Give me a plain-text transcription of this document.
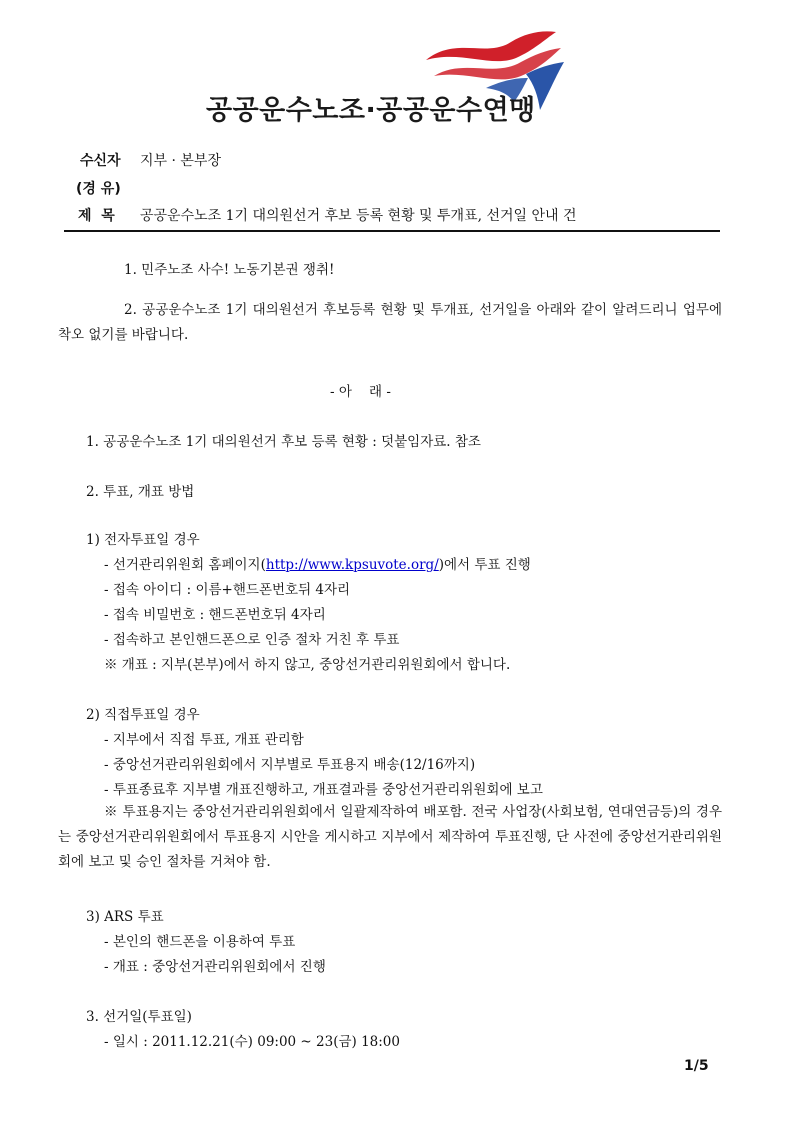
공공운수노조·공공운수연맹
수신자 지부 · 본부장
(경 유)
제  목 공공운수노조 1기 대의원선거 후보 등록 현황 및 투개표, 선거일 안내 건
1. 민주노조 사수! 노동기본권 쟁취!
2. 공공운수노조 1기 대의원선거 후보등록 현황 및 투개표, 선거일을 아래와 같이 알려드리니 업무에 착오 없기를 바랍니다.
- 아    래 -
1. 공공운수노조 1기 대의원선거 후보 등록 현황 : 덧붙임자료. 참조
2. 투표, 개표 방법
1) 전자투표일 경우
- 선거관리위원회 홈페이지(http://www.kpsuvote.org/)에서 투표 진행
- 접속 아이디 : 이름+핸드폰번호뒤 4자리
- 접속 비밀번호 : 핸드폰번호뒤 4자리
- 접속하고 본인핸드폰으로 인증 절차 거친 후 투표
※ 개표 : 지부(본부)에서 하지 않고, 중앙선거관리위원회에서 합니다.
2) 직접투표일 경우
- 지부에서 직접 투표, 개표 관리함
- 중앙선거관리위원회에서 지부별로 투표용지 배송(12/16까지)
- 투표종료후 지부별 개표진행하고, 개표결과를 중앙선거관리위원회에 보고
※ 투표용지는 중앙선거관리위원회에서 일괄제작하여 배포함. 전국 사업장(사회보험, 연대연금등)의 경우는 중앙선거관리위원회에서 투표용지 시안을 게시하고 지부에서 제작하여 투표진행, 단 사전에 중앙선거관리위원회에 보고 및 승인 절차를 거쳐야 함.
3) ARS 투표
- 본인의 핸드폰을 이용하여 투표
- 개표 : 중앙선거관리위원회에서 진행
3. 선거일(투표일)
- 일시 : 2011.12.21(수) 09:00 ~ 23(금) 18:00
1/5
